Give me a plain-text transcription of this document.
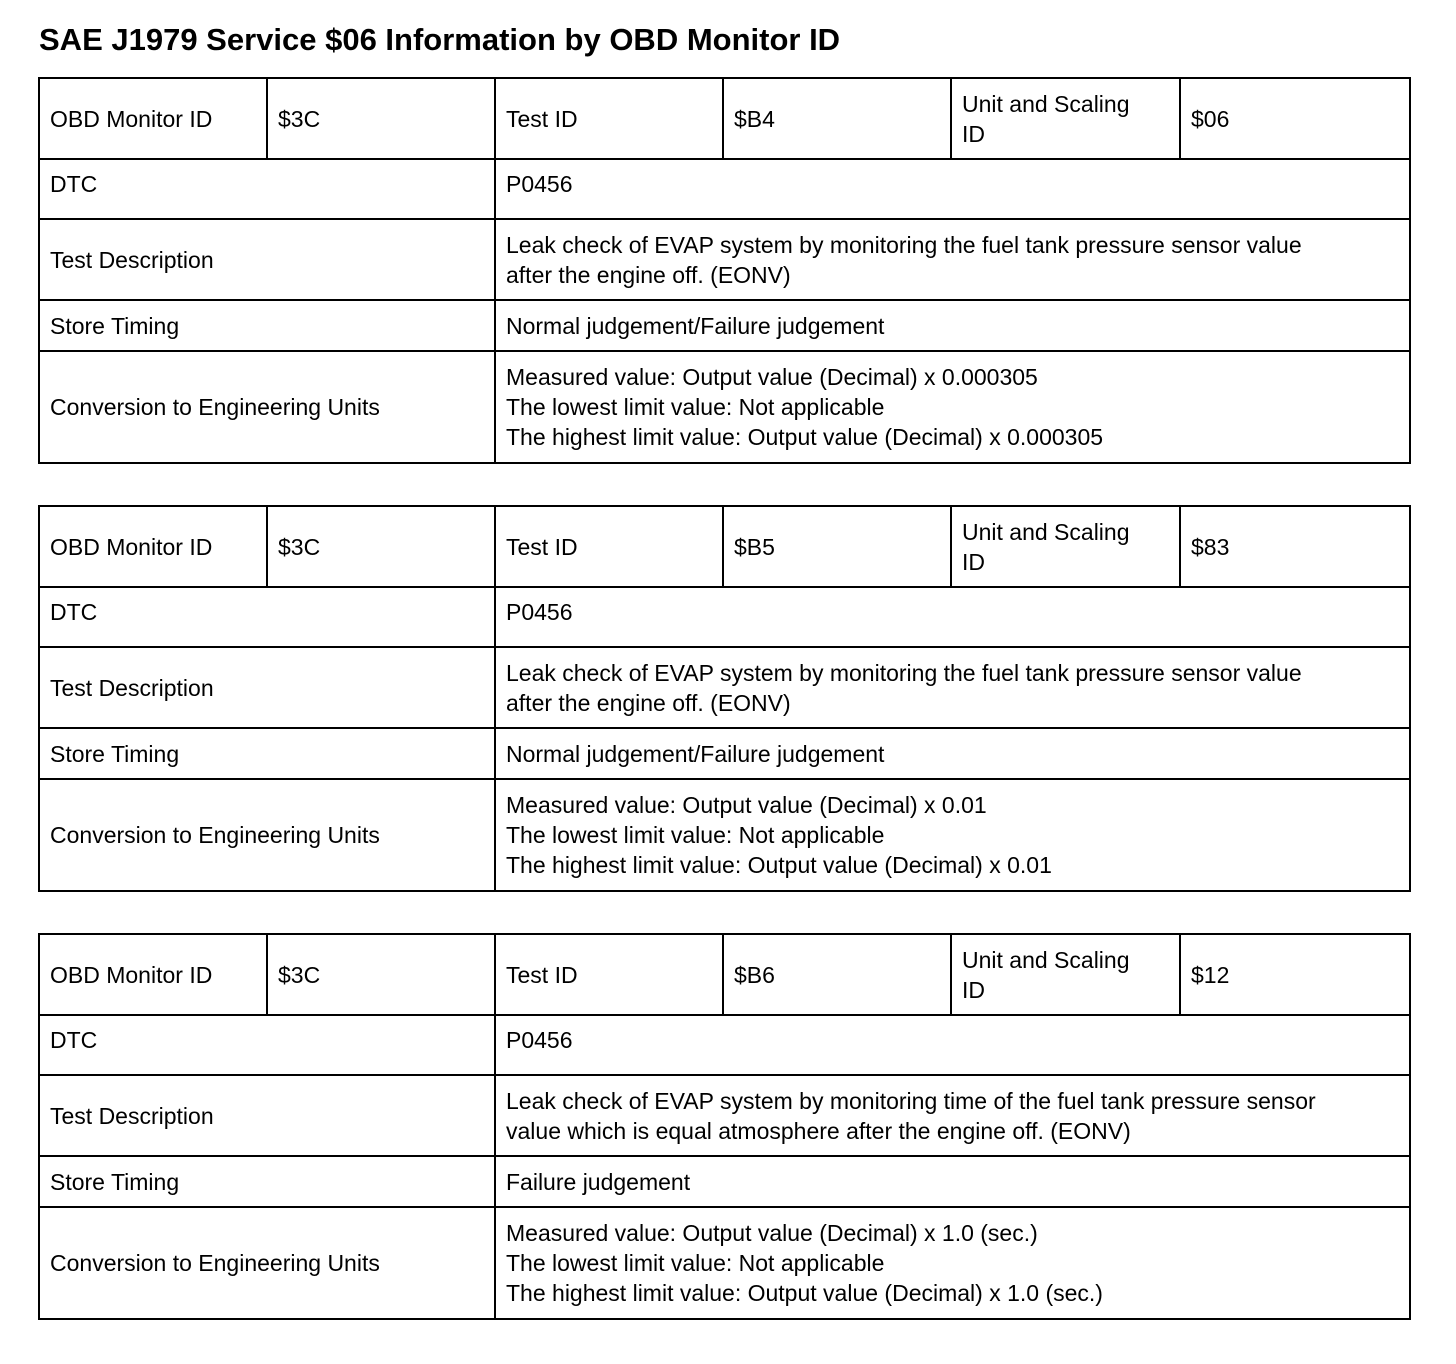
SAE J1979 Service $06 Information by OBD Monitor ID
OBD Monitor ID	$3C	Test ID	$B4	Unit and Scaling
ID	$06
DTC		P0456			
Test Description		Leak check of EVAP system by monitoring the fuel tank pressure sensor value
after the engine off. (EONV)			
Store Timing		Normal judgement/Failure judgement			
Conversion to Engineering Units		Measured value: Output value (Decimal) x 0.000305
The lowest limit value: Not applicable
The highest limit value: Output value (Decimal) x 0.000305			
OBD Monitor ID	$3C	Test ID	$B5	Unit and Scaling
ID	$83
DTC		P0456			
Test Description		Leak check of EVAP system by monitoring the fuel tank pressure sensor value
after the engine off. (EONV)			
Store Timing		Normal judgement/Failure judgement			
Conversion to Engineering Units		Measured value: Output value (Decimal) x 0.01
The lowest limit value: Not applicable
The highest limit value: Output value (Decimal) x 0.01			
OBD Monitor ID	$3C	Test ID	$B6	Unit and Scaling
ID	$12
DTC		P0456			
Test Description		Leak check of EVAP system by monitoring time of the fuel tank pressure sensor
value which is equal atmosphere after the engine off. (EONV)			
Store Timing		Failure judgement			
Conversion to Engineering Units		Measured value: Output value (Decimal) x 1.0 (sec.)
The lowest limit value: Not applicable
The highest limit value: Output value (Decimal) x 1.0 (sec.)			
